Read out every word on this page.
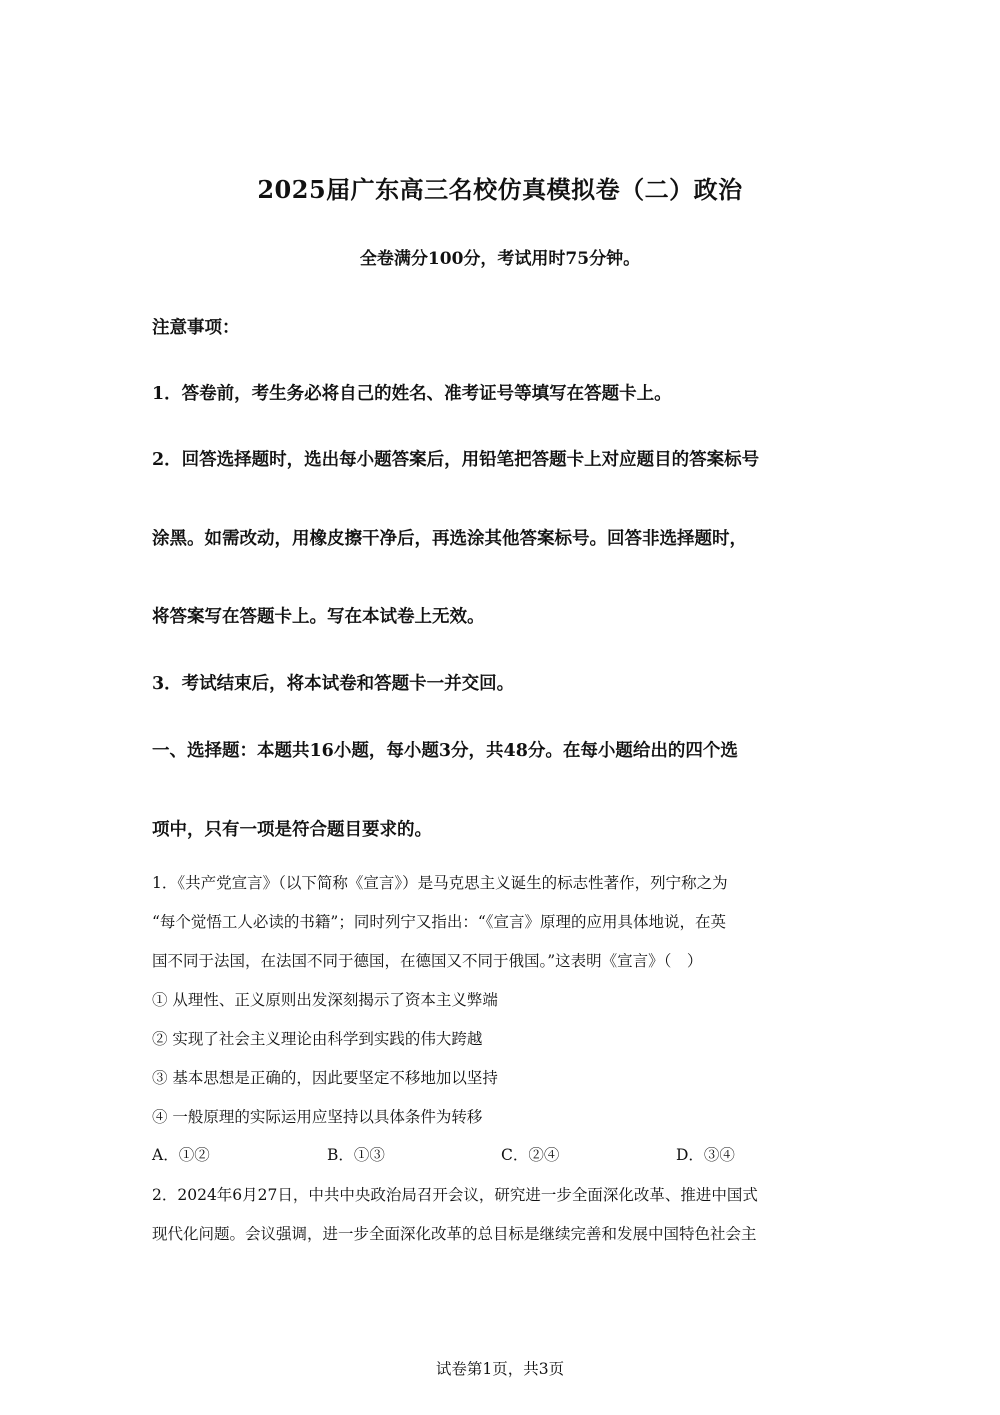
2025届广东高三名校仿真模拟卷（二）政治
全卷满分100分，考试用时75分钟。
注意事项：
1．答卷前，考生务必将自己的姓名、准考证号等填写在答题卡上。
2．回答选择题时，选出每小题答案后，用铅笔把答题卡上对应题目的答案标号
涂黑。如需改动，用橡皮擦干净后，再选涂其他答案标号。回答非选择题时，
将答案写在答题卡上。写在本试卷上无效。
3．考试结束后，将本试卷和答题卡一并交回。
一、选择题：本题共16小题，每小题3分，共48分。在每小题给出的四个选
项中，只有一项是符合题目要求的。
1．《共产党宣言》（以下简称《宣言》）是马克思主义诞生的标志性著作，列宁称之为
“每个觉悟工人必读的书籍”；同时列宁又指出：“《宣言》原理的应用具体地说，在英
国不同于法国，在法国不同于德国，在德国又不同于俄国。”这表明《宣言》（　）
① 从理性、正义原则出发深刻揭示了资本主义弊端
② 实现了社会主义理论由科学到实践的伟大跨越
③ 基本思想是正确的，因此要坚定不移地加以坚持
④ 一般原理的实际运用应坚持以具体条件为转移
A．①②	B．①③	C．②④	D．③④
2．2024年6月27日，中共中央政治局召开会议，研究进一步全面深化改革、推进中国式
现代化问题。会议强调，进一步全面深化改革的总目标是继续完善和发展中国特色社会主
试卷第1页，共3页
